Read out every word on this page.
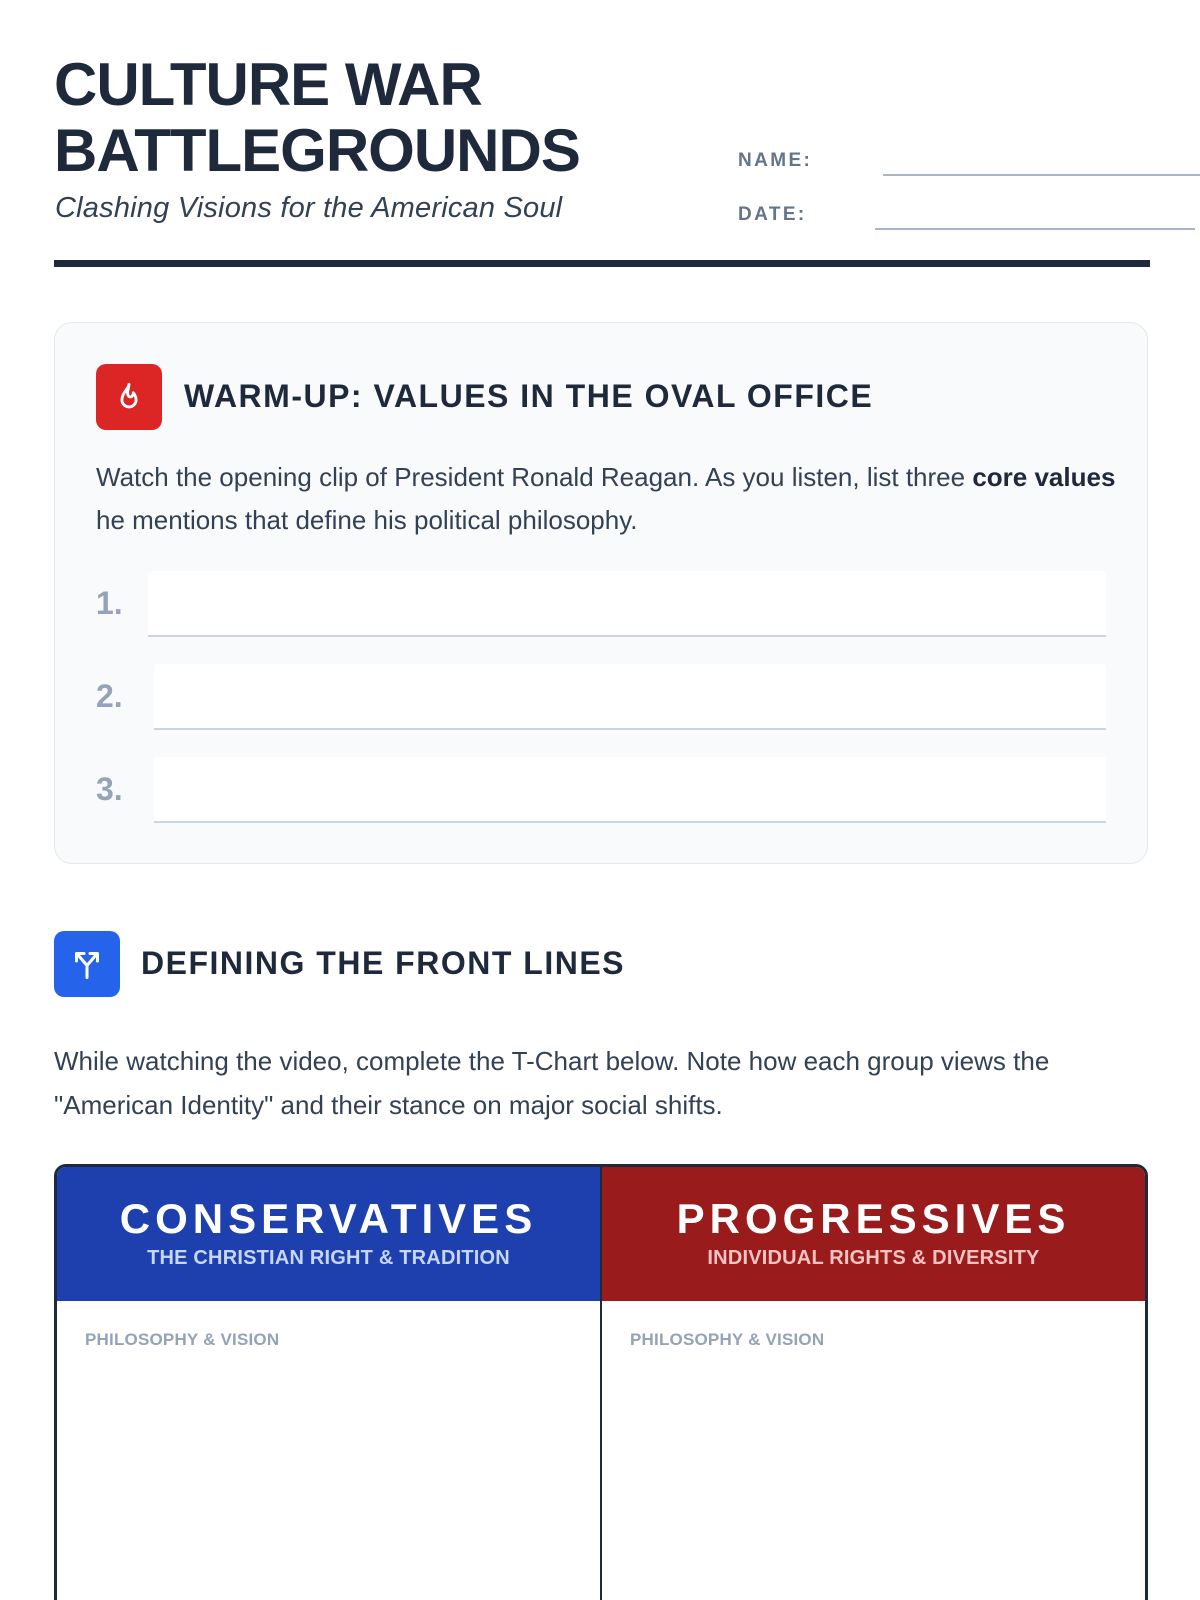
CULTURE WAR
BATTLEGROUNDS
Clashing Visions for the American Soul
NAME:
DATE:
WARM-UP: VALUES IN THE OVAL OFFICE
Watch the opening clip of President Ronald Reagan. As you listen, list three core values he mentions that define his political philosophy.
1.
2.
3.
DEFINING THE FRONT LINES

While watching the video, complete the T-Chart below. Note how each group views the "American Identity" and their stance on major social shifts.

CONSERVATIVES
THE CHRISTIAN RIGHT & TRADITION
PHILOSOPHY & VISION
PROGRESSIVES
INDIVIDUAL RIGHTS & DIVERSITY
PHILOSOPHY & VISION
